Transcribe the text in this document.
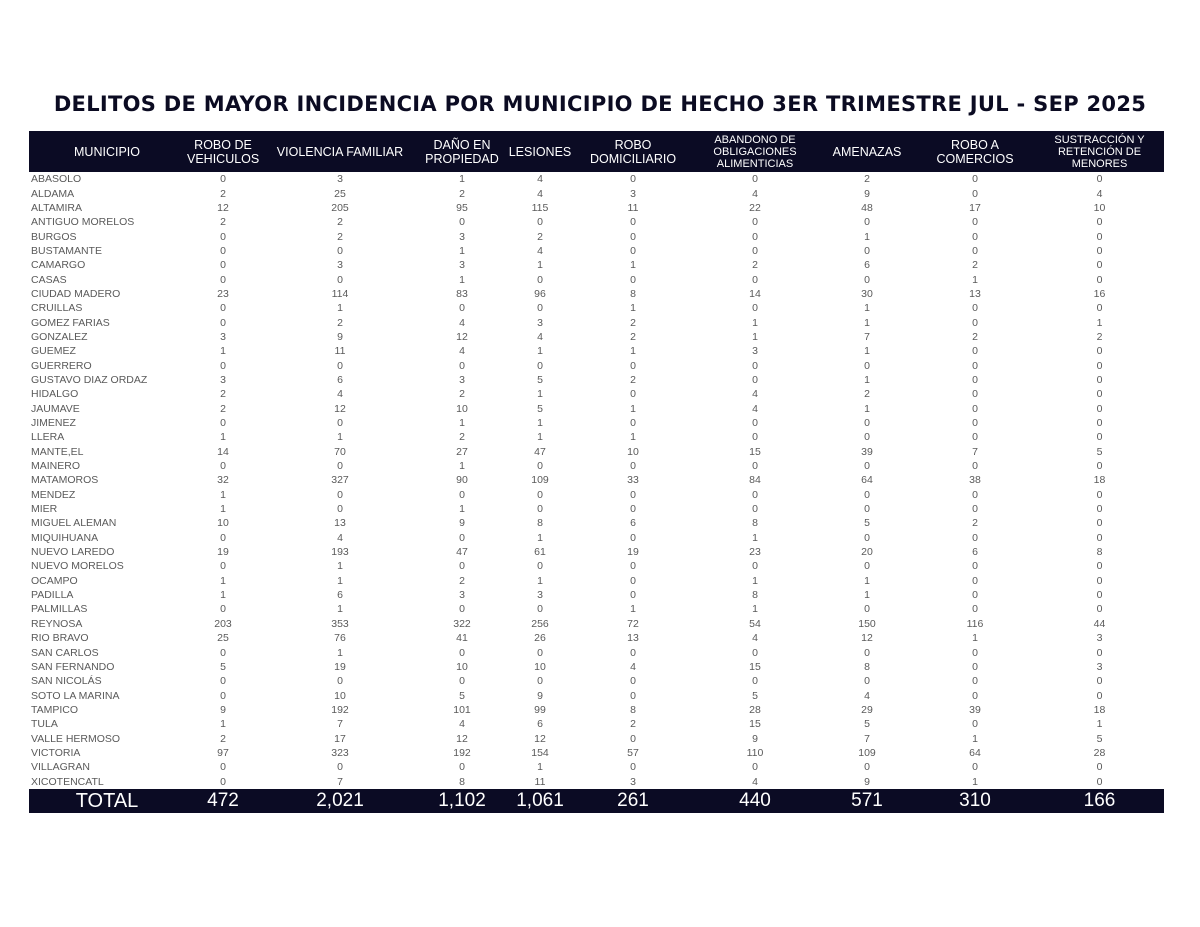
DELITOS DE MAYOR INCIDENCIA POR MUNICIPIO DE HECHO 3ER TRIMESTRE JUL - SEP 2025
MUNICIPIO	ROBO DE VEHICULOS	VIOLENCIA FAMILIAR	DAÑO EN PROPIEDAD	LESIONES	ROBO DOMICILIARIO	ABANDONO DE OBLIGACIONES ALIMENTICIAS	AMENAZAS	ROBO A COMERCIOS	SUSTRACCIÓN Y RETENCIÓN DE MENORES
ABASOLO	0	3	1	4	0	0	2	0	0
ALDAMA	2	25	2	4	3	4	9	0	4
ALTAMIRA	12	205	95	115	11	22	48	17	10
ANTIGUO MORELOS	2	2	0	0	0	0	0	0	0
BURGOS	0	2	3	2	0	0	1	0	0
BUSTAMANTE	0	0	1	4	0	0	0	0	0
CAMARGO	0	3	3	1	1	2	6	2	0
CASAS	0	0	1	0	0	0	0	1	0
CIUDAD MADERO	23	114	83	96	8	14	30	13	16
CRUILLAS	0	1	0	0	1	0	1	0	0
GOMEZ FARIAS	0	2	4	3	2	1	1	0	1
GONZALEZ	3	9	12	4	2	1	7	2	2
GUEMEZ	1	11	4	1	1	3	1	0	0
GUERRERO	0	0	0	0	0	0	0	0	0
GUSTAVO DIAZ ORDAZ	3	6	3	5	2	0	1	0	0
HIDALGO	2	4	2	1	0	4	2	0	0
JAUMAVE	2	12	10	5	1	4	1	0	0
JIMENEZ	0	0	1	1	0	0	0	0	0
LLERA	1	1	2	1	1	0	0	0	0
MANTE,EL	14	70	27	47	10	15	39	7	5
MAINERO	0	0	1	0	0	0	0	0	0
MATAMOROS	32	327	90	109	33	84	64	38	18
MENDEZ	1	0	0	0	0	0	0	0	0
MIER	1	0	1	0	0	0	0	0	0
MIGUEL ALEMAN	10	13	9	8	6	8	5	2	0
MIQUIHUANA	0	4	0	1	0	1	0	0	0
NUEVO LAREDO	19	193	47	61	19	23	20	6	8
NUEVO MORELOS	0	1	0	0	0	0	0	0	0
OCAMPO	1	1	2	1	0	1	1	0	0
PADILLA	1	6	3	3	0	8	1	0	0
PALMILLAS	0	1	0	0	1	1	0	0	0
REYNOSA	203	353	322	256	72	54	150	116	44
RIO BRAVO	25	76	41	26	13	4	12	1	3
SAN CARLOS	0	1	0	0	0	0	0	0	0
SAN FERNANDO	5	19	10	10	4	15	8	0	3
SAN NICOLÁS	0	0	0	0	0	0	0	0	0
SOTO LA MARINA	0	10	5	9	0	5	4	0	0
TAMPICO	9	192	101	99	8	28	29	39	18
TULA	1	7	4	6	2	15	5	0	1
VALLE HERMOSO	2	17	12	12	0	9	7	1	5
VICTORIA	97	323	192	154	57	110	109	64	28
VILLAGRAN	0	0	0	1	0	0	0	0	0
XICOTENCATL	0	7	8	11	3	4	9	1	0
TOTAL	472	2,021	1,102	1,061	261	440	571	310	166
